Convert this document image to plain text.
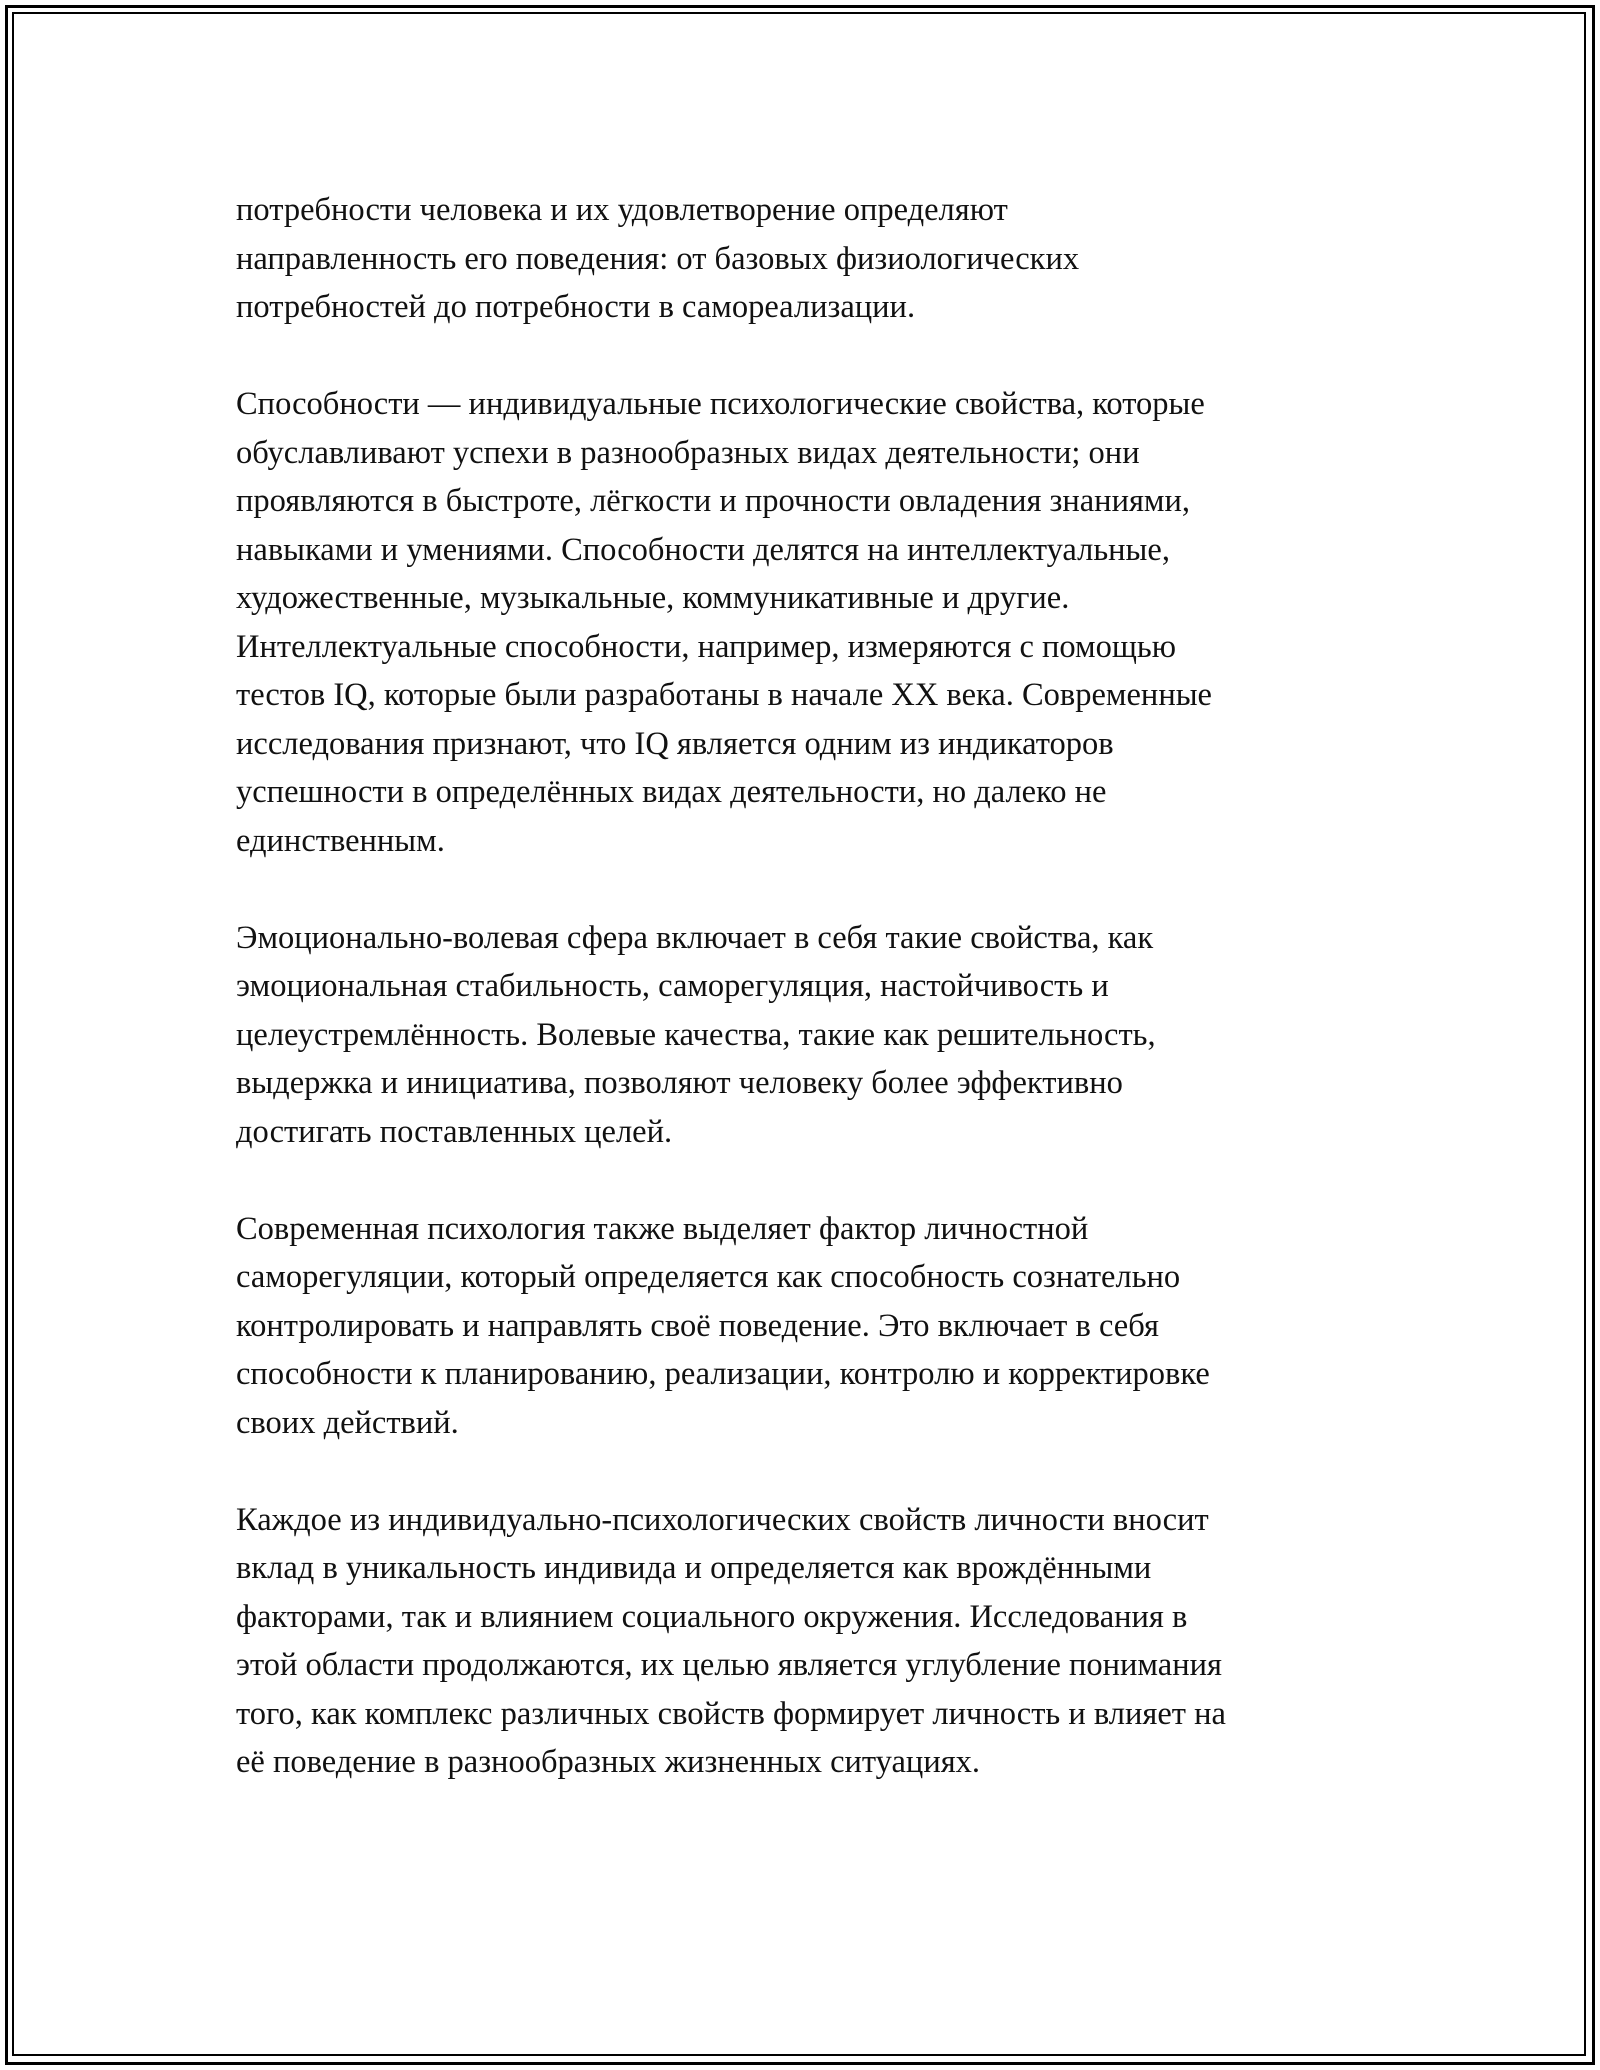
потребности человека и их удовлетворение определяют
направленность его поведения: от базовых физиологических
потребностей до потребности в самореализации.

Способности — индивидуальные психологические свойства, которые
обуславливают успехи в разнообразных видах деятельности; они
проявляются в быстроте, лёгкости и прочности овладения знаниями,
навыками и умениями. Способности делятся на интеллектуальные,
художественные, музыкальные, коммуникативные и другие.
Интеллектуальные способности, например, измеряются с помощью
тестов IQ, которые были разработаны в начале XX века. Современные
исследования признают, что IQ является одним из индикаторов
успешности в определённых видах деятельности, но далеко не
единственным.

Эмоционально-волевая сфера включает в себя такие свойства, как
эмоциональная стабильность, саморегуляция, настойчивость и
целеустремлённость. Волевые качества, такие как решительность,
выдержка и инициатива, позволяют человеку более эффективно
достигать поставленных целей.

Современная психология также выделяет фактор личностной
саморегуляции, который определяется как способность сознательно
контролировать и направлять своё поведение. Это включает в себя
способности к планированию, реализации, контролю и корректировке
своих действий.

Каждое из индивидуально-психологических свойств личности вносит
вклад в уникальность индивида и определяется как врождёнными
факторами, так и влиянием социального окружения. Исследования в
этой области продолжаются, их целью является углубление понимания
того, как комплекс различных свойств формирует личность и влияет на
её поведение в разнообразных жизненных ситуациях.
